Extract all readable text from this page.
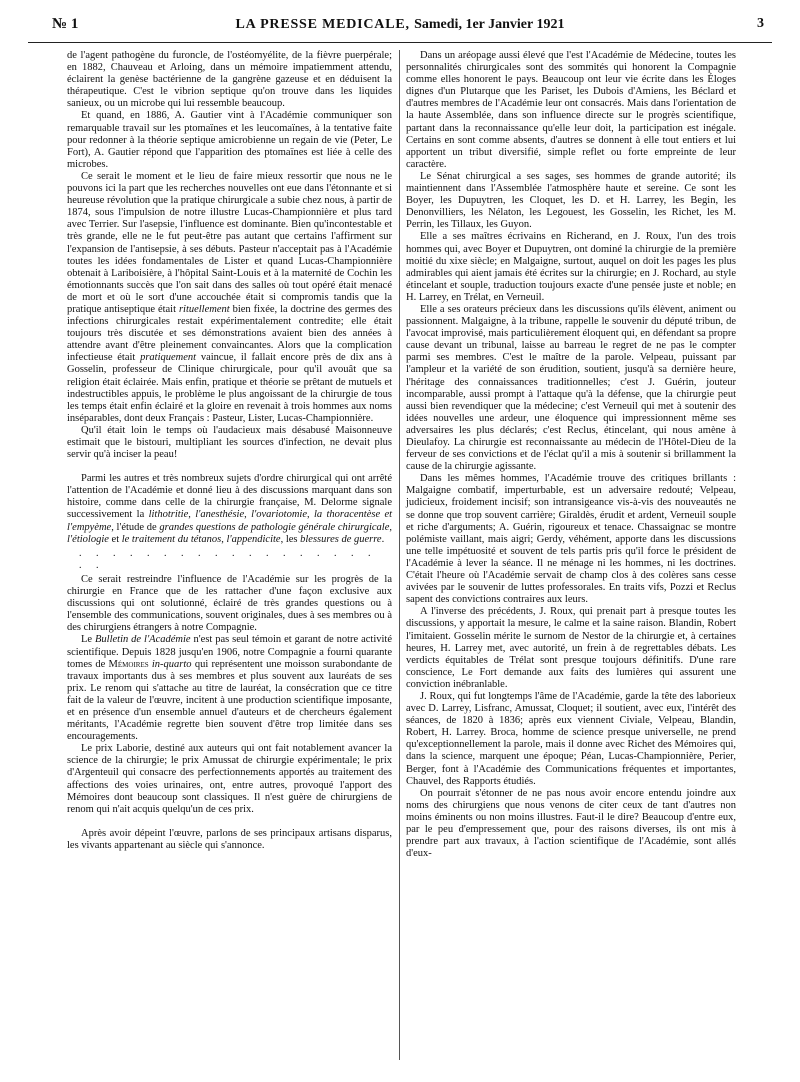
№ 1	LA PRESSE MEDICALE, Samedi, 1er Janvier 1921	3

de l'agent pathogène du furoncle, de l'ostéomyélite, de la fièvre puerpérale; en 1882, Chauveau et Arloing, dans un mémoire impatiemment attendu, éclairent la genèse bactérienne de la gangrène gazeuse et en déduisent la thérapeutique. C'est le vibrion septique qu'on trouve dans les liquides sanieux, ou un microbe qui lui ressemble beaucoup.

Et quand, en 1886, A. Gautier vint à l'Académie communiquer son remarquable travail sur les ptomaïnes et les leucomaïnes, à la tentative faite pour redonner à la théorie septique amicrobienne un regain de vie (Peter, Le Fort), A. Gautier répond que l'apparition des ptomaïnes est liée à celle des microbes.

Ce serait le moment et le lieu de faire mieux ressortir que nous ne le pouvons ici la part que les recherches nouvelles ont eue dans l'étonnante et si heureuse révolution que la pratique chirurgicale a subie chez nous, à partir de 1874, sous l'impulsion de notre illustre Lucas-Championnière et plus tard avec Terrier. Sur l'asepsie, l'influence est dominante. Bien qu'incontestable et très grande, elle ne le fut peut-être pas autant que certains l'affirment sur l'expansion de l'antisepsie, à ses débuts. Pasteur n'acceptait pas à l'Académie toutes les idées fondamentales de Lister et quand Lucas-Championnière obtenait à Lariboisière, à l'hôpital Saint-Louis et à la maternité de Cochin les émotionnants succès que l'on sait dans des salles où tout opéré était menacé de mort et où le sort d'une accouchée était si compromis tandis que la pratique antiseptique était rituellement bien fixée, la doctrine des germes des infections chirurgicales restait expérimentalement contredite; elle était toujours très discutée et ses démonstrations avaient bien des années à attendre avant d'être pleinement convaincantes. Alors que la complication infectieuse était pratiquement vaincue, il fallait encore près de dix ans à Gosselin, professeur de Clinique chirurgicale, pour qu'il avouât que sa religion était éclairée. Mais enfin, pratique et théorie se prêtant de mutuels et indestructibles appuis, le problème le plus angoissant de la chirurgie de tous les temps était enfin éclairé et la gloire en revenait à trois hommes aux noms inséparables, dont deux Français : Pasteur, Lister, Lucas-Championnière.

Qu'il était loin le temps où l'audacieux mais désabusé Maisonneuve estimait que le bistouri, multipliant les sources d'infection, ne devait plus servir qu'à inciser la peau!

Parmi les autres et très nombreux sujets d'ordre chirurgical qui ont arrêté l'attention de l'Académie et donné lieu à des discussions marquant dans son histoire, comme dans celle de la chirurgie française, M. Delorme signale successivement la lithotritie, l'anesthésie, l'ovariotomie, la thoracentèse et l'empyème, l'étude de grandes questions de pathologie générale chirurgicale, l'étiologie et le traitement du tétanos, l'appendicite, les blessures de guerre.

. . . . . . . . . . . . . . . . . . . .

Ce serait restreindre l'influence de l'Académie sur les progrès de la chirurgie en France que de les rattacher d'une façon exclusive aux discussions qui ont solutionné, éclairé de très grandes questions ou à l'ensemble des communications, souvent originales, dues à ses membres ou à des chirurgiens étrangers à notre Compagnie.

Le Bulletin de l'Académie n'est pas seul témoin et garant de notre activité scientifique. Depuis 1828 jusqu'en 1906, notre Compagnie a fourni quarante tomes de Mémoires in-quarto qui représentent une moisson surabondante de travaux importants dus à ses membres et plus souvent aux lauréats de ses prix. Le renom qui s'attache au titre de lauréat, la consécration que ce titre fait de la valeur de l'œuvre, incitent à une production scientifique imposante, et en présence d'un ensemble annuel d'auteurs et de chercheurs également méritants, l'Académie regrette bien souvent d'être trop limitée dans ses encouragements.

Le prix Laborie, destiné aux auteurs qui ont fait notablement avancer la science de la chirurgie; le prix Amussat de chirurgie expérimentale; le prix d'Argenteuil qui consacre des perfectionnements apportés au traitement des affections des voies urinaires, ont, entre autres, provoqué l'apport des Mémoires dont beaucoup sont classiques. Il n'est guère de chirurgiens de renom qui n'ait acquis quelqu'un de ces prix.

Après avoir dépeint l'œuvre, parlons de ses principaux artisans disparus, les vivants appartenant au siècle qui s'annonce.

Dans un aréopage aussi élevé que l'est l'Académie de Médecine, toutes les personnalités chirurgicales sont des sommités qui honorent la Compagnie comme elles honorent le pays. Beaucoup ont leur vie écrite dans les Éloges dignes d'un Plutarque que les Pariset, les Dubois d'Amiens, les Béclard et d'autres membres de l'Académie leur ont consacrés. Mais dans l'orientation de la haute Assemblée, dans son influence directe sur le progrès scientifique, partant dans la reconnaissance qu'elle leur doit, la participation est inégale. Certains en sont comme absents, d'autres se donnent à elle tout entiers et lui apportent un tribut diversifié, simple reflet ou forte empreinte de leur caractère.

Le Sénat chirurgical a ses sages, ses hommes de grande autorité; ils maintiennent dans l'Assemblée l'atmosphère haute et sereine. Ce sont les Boyer, les Dupuytren, les Cloquet, les D. et H. Larrey, les Begin, les Denonvilliers, les Nélaton, les Legouest, les Gosselin, les Richet, les M. Perrin, les Tillaux, les Guyon.

Elle a ses maîtres écrivains en Richerand, en J. Roux, l'un des trois hommes qui, avec Boyer et Dupuytren, ont dominé la chirurgie de la première moitié du xixe siècle; en Malgaigne, surtout, auquel on doit les pages les plus admirables qui aient jamais été écrites sur la chirurgie; en J. Rochard, au style étincelant et souple, traduction toujours exacte d'une pensée juste et noble; en H. Larrey, en Trélat, en Verneuil.

Elle a ses orateurs précieux dans les discussions qu'ils élèvent, animent ou passionnent. Malgaigne, à la tribune, rappelle le souvenir du député tribun, de l'avocat improvisé, mais particulièrement éloquent qui, en défendant sa propre cause devant un tribunal, laisse au barreau le regret de ne pas le compter parmi ses membres. C'est le maître de la parole. Velpeau, puissant par l'ampleur et la variété de son érudition, soutient, jusqu'à sa dernière heure, l'héritage des connaissances traditionnelles; c'est J. Guérin, jouteur incomparable, aussi prompt à l'attaque qu'à la défense, que la chirurgie peut aussi bien revendiquer que la médecine; c'est Verneuil qui met à soutenir des idées nouvelles une ardeur, une éloquence qui impressionnent même ses adversaires les plus déclarés; c'est Reclus, étincelant, qui nous amène à Dieulafoy. La chirurgie est reconnaissante au médecin de l'Hôtel-Dieu de la ferveur de ses convictions et de l'éclat qu'il a mis à soutenir si brillamment la cause de la chirurgie agissante.

Dans les mêmes hommes, l'Académie trouve des critiques brillants : Malgaigne combatif, imperturbable, est un adversaire redouté; Velpeau, judicieux, froidement incisif; son intransigeance vis-à-vis des nouveautés ne se donne que trop souvent carrière; Giraldès, érudit et ardent, Verneuil souple et riche d'arguments; A. Guérin, rigoureux et tenace. Chassaignac se montre polémiste vaillant, mais aigri; Gerdy, véhément, apporte dans les discussions une telle impétuosité et souvent de tels partis pris qu'il force le président de l'Académie à lever la séance. Il ne ménage ni les hommes, ni les doctrines. C'était l'heure où l'Académie servait de champ clos à des colères sans cesse avivées par le souvenir de luttes professorales. En traits vifs, Pozzi et Reclus sapent des convictions contraires aux leurs.

A l'inverse des précédents, J. Roux, qui prenait part à presque toutes les discussions, y apportait la mesure, le calme et la saine raison. Blandin, Robert l'imitaient. Gosselin mérite le surnom de Nestor de la chirurgie et, à certaines heures, H. Larrey met, avec autorité, un frein à de regrettables débats. Les verdicts équitables de Trélat sont presque toujours définitifs. D'une rare conscience, Le Fort demande aux faits des lumières qui assurent une conviction inébranlable.

J. Roux, qui fut longtemps l'âme de l'Académie, garde la tête des laborieux avec D. Larrey, Lisfranc, Amussat, Cloquet; il soutient, avec eux, l'intérêt des séances, de 1820 à 1836; après eux viennent Civiale, Velpeau, Blandin, Robert, H. Larrey. Broca, homme de science presque universelle, ne prend qu'exceptionnellement la parole, mais il donne avec Richet des Mémoires qui, dans la science, marquent une époque; Péan, Lucas-Championnière, Perier, Berger, font à l'Académie des Communications fréquentes et importantes, Chauvel, des Rapports étudiés.

On pourrait s'étonner de ne pas nous avoir encore entendu joindre aux noms des chirurgiens que nous venons de citer ceux de tant d'autres non moins éminents ou non moins illustres. Faut-il le dire? Beaucoup d'entre eux, par le peu d'empressement que, pour des raisons diverses, ils ont mis à prendre part aux travaux, à l'action scientifique de l'Académie, sont allés d'eux-
